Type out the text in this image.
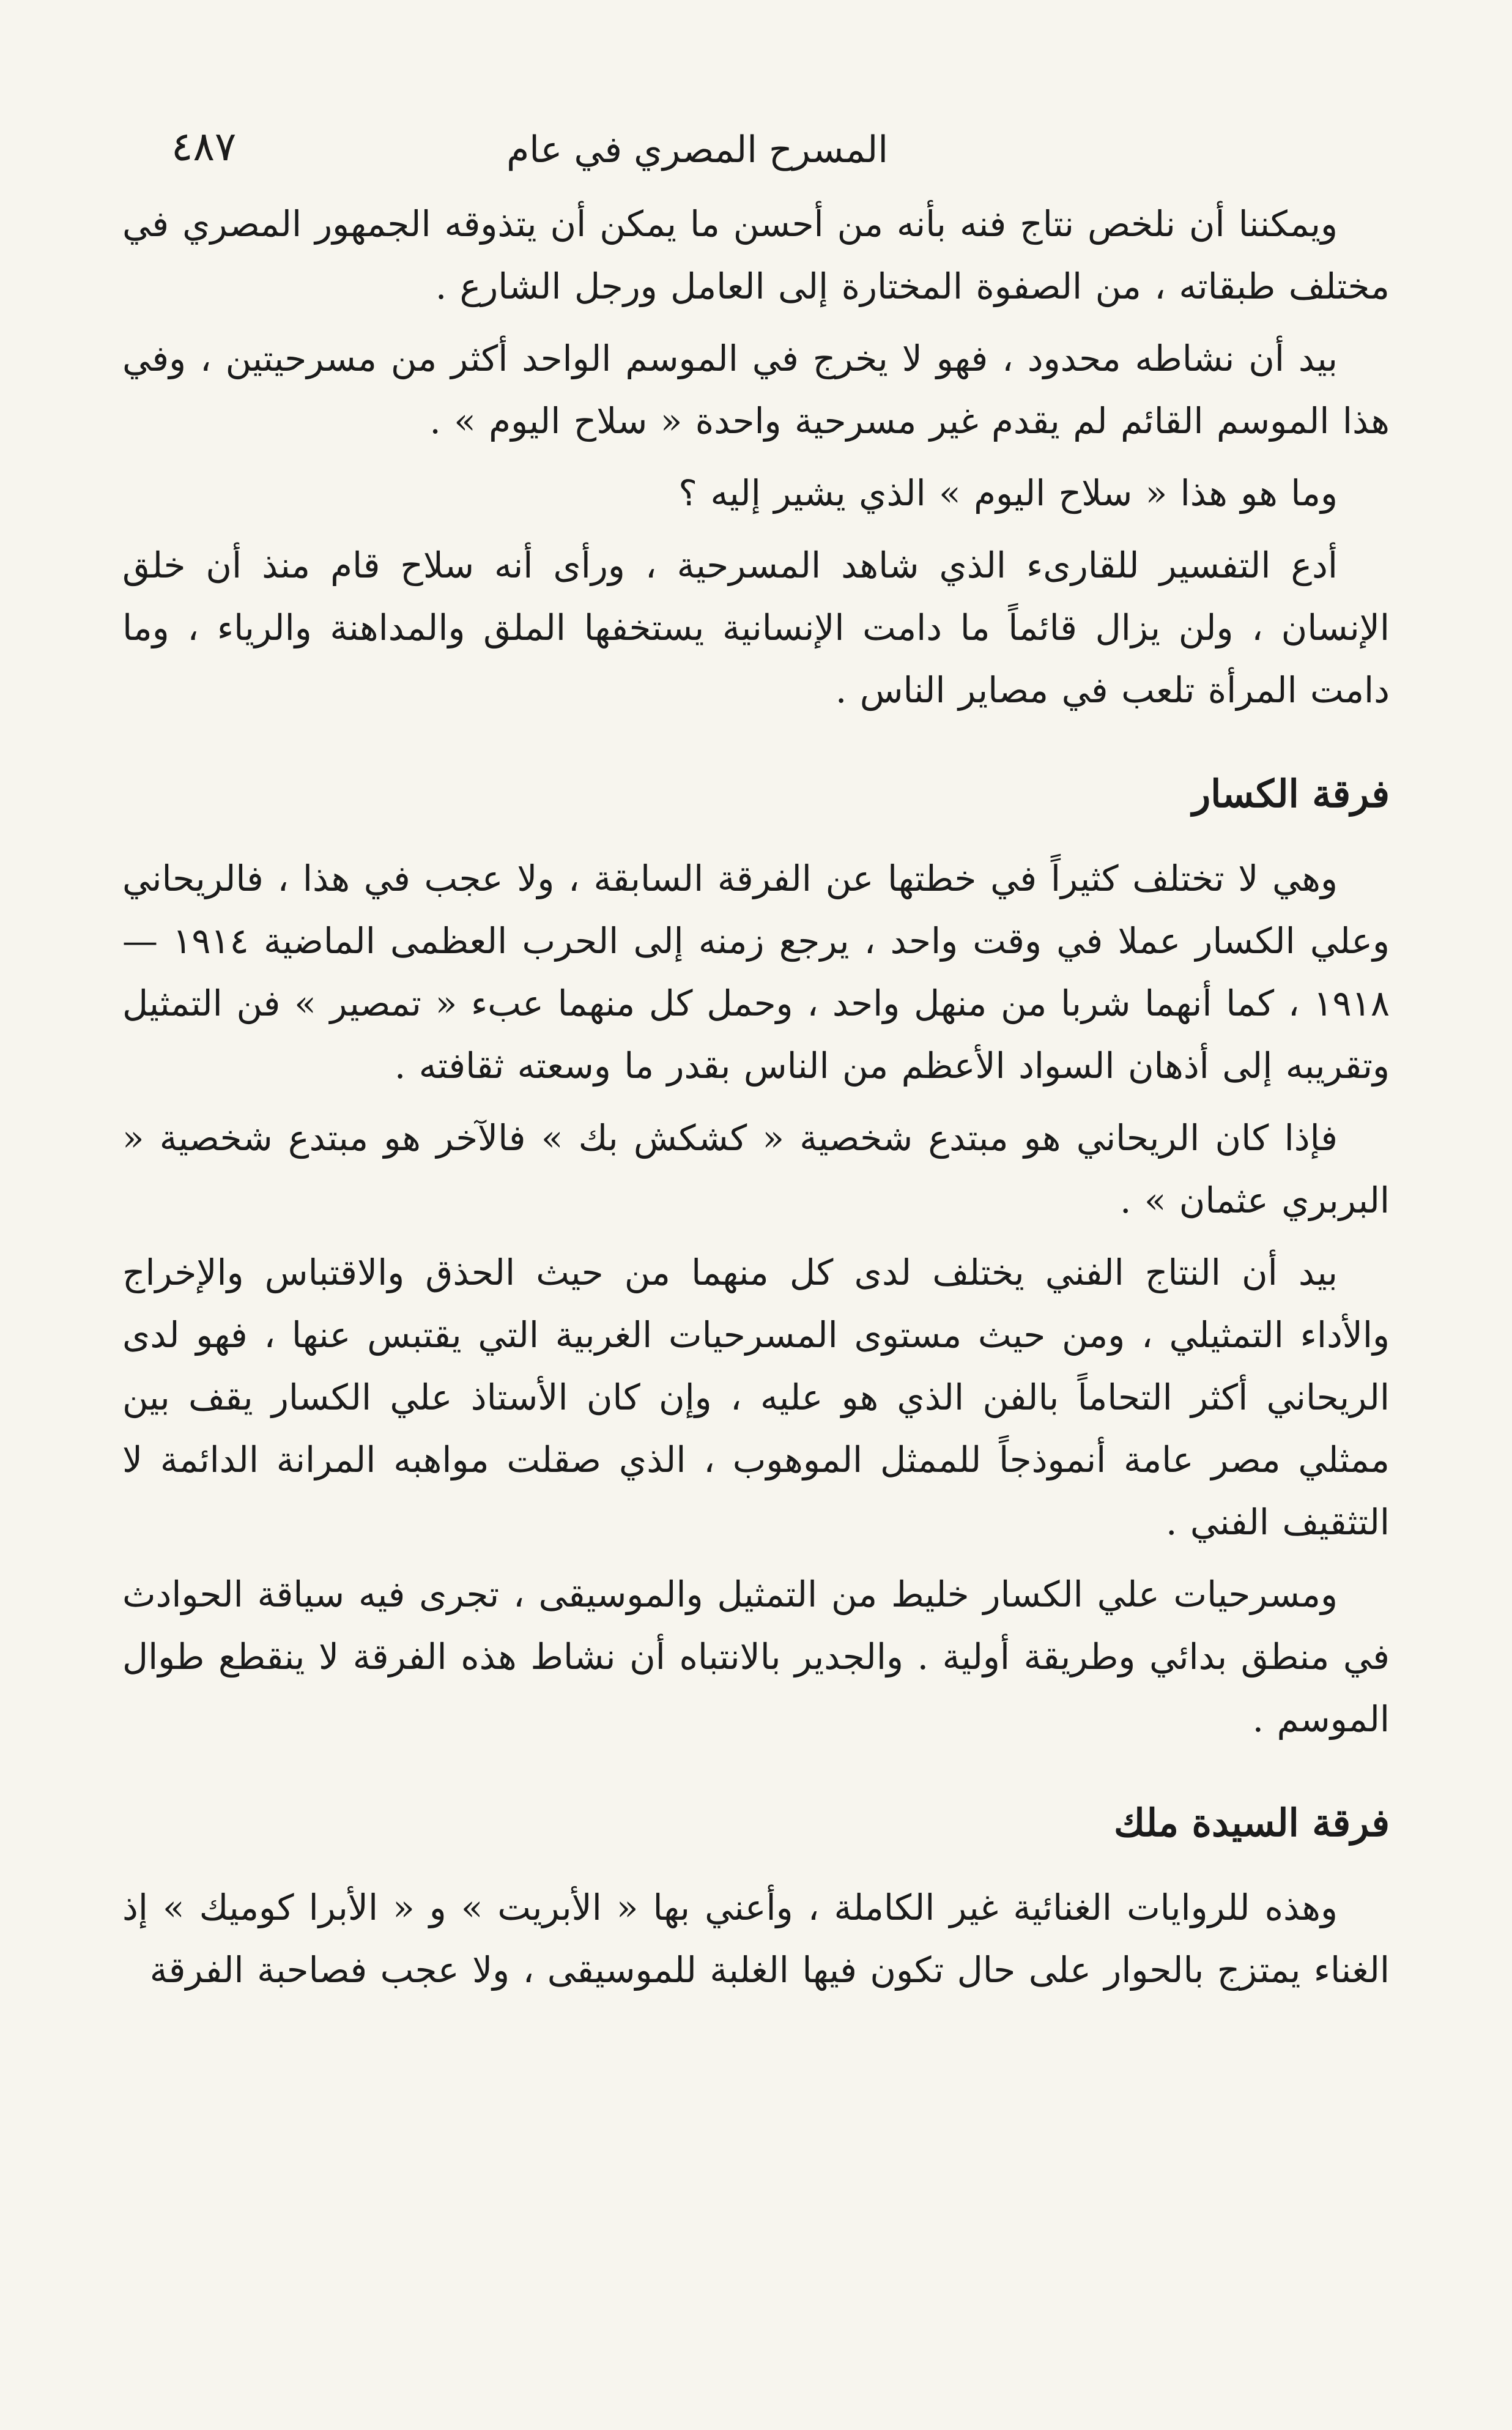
المسرح المصري في عام
٤٨٧

ويمكننا أن نلخص نتاج فنه بأنه من أحسن ما يمكن أن يتذوقه الجمهور المصري في مختلف طبقاته ، من الصفوة المختارة إلى العامل ورجل الشارع .

بيد أن نشاطه محدود ، فهو لا يخرج في الموسم الواحد أكثر من مسرحيتين ، وفي هذا الموسم القائم لم يقدم غير مسرحية واحدة « سلاح اليوم » .

وما هو هذا « سلاح اليوم » الذي يشير إليه ؟

أدع التفسير للقارىء الذي شاهد المسرحية ، ورأى أنه سلاح قام منذ أن خلق الإنسان ، ولن يزال قائماً ما دامت الإنسانية يستخفها الملق والمداهنة والرياء ، وما دامت المرأة تلعب في مصاير الناس .

فرقة الكسار

وهي لا تختلف كثيراً في خطتها عن الفرقة السابقة ، ولا عجب في هذا ، فالريحاني وعلي الكسار عملا في وقت واحد ، يرجع زمنه إلى الحرب العظمى الماضية ١٩١٤ — ١٩١٨ ، كما أنهما شربا من منهل واحد ، وحمل كل منهما عبء « تمصير » فن التمثيل وتقريبه إلى أذهان السواد الأعظم من الناس بقدر ما وسعته ثقافته .

فإذا كان الريحاني هو مبتدع شخصية « كشكش بك » فالآخر هو مبتدع شخصية « البربري عثمان » .

بيد أن النتاج الفني يختلف لدى كل منهما من حيث الحذق والاقتباس والإخراج والأداء التمثيلي ، ومن حيث مستوى المسرحيات الغربية التي يقتبس عنها ، فهو لدى الريحاني أكثر التحاماً بالفن الذي هو عليه ، وإن كان الأستاذ علي الكسار يقف بين ممثلي مصر عامة أنموذجاً للممثل الموهوب ، الذي صقلت مواهبه المرانة الدائمة لا التثقيف الفني .

ومسرحيات علي الكسار خليط من التمثيل والموسيقى ، تجرى فيه سياقة الحوادث في منطق بدائي وطريقة أولية . والجدير بالانتباه أن نشاط هذه الفرقة لا ينقطع طوال الموسم .

فرقة السيدة ملك

وهذه للروايات الغنائية غير الكاملة ، وأعني بها « الأبريت » و « الأبرا كوميك » إذ الغناء يمتزج بالحوار على حال تكون فيها الغلبة للموسيقى ، ولا عجب فصاحبة الفرقة
